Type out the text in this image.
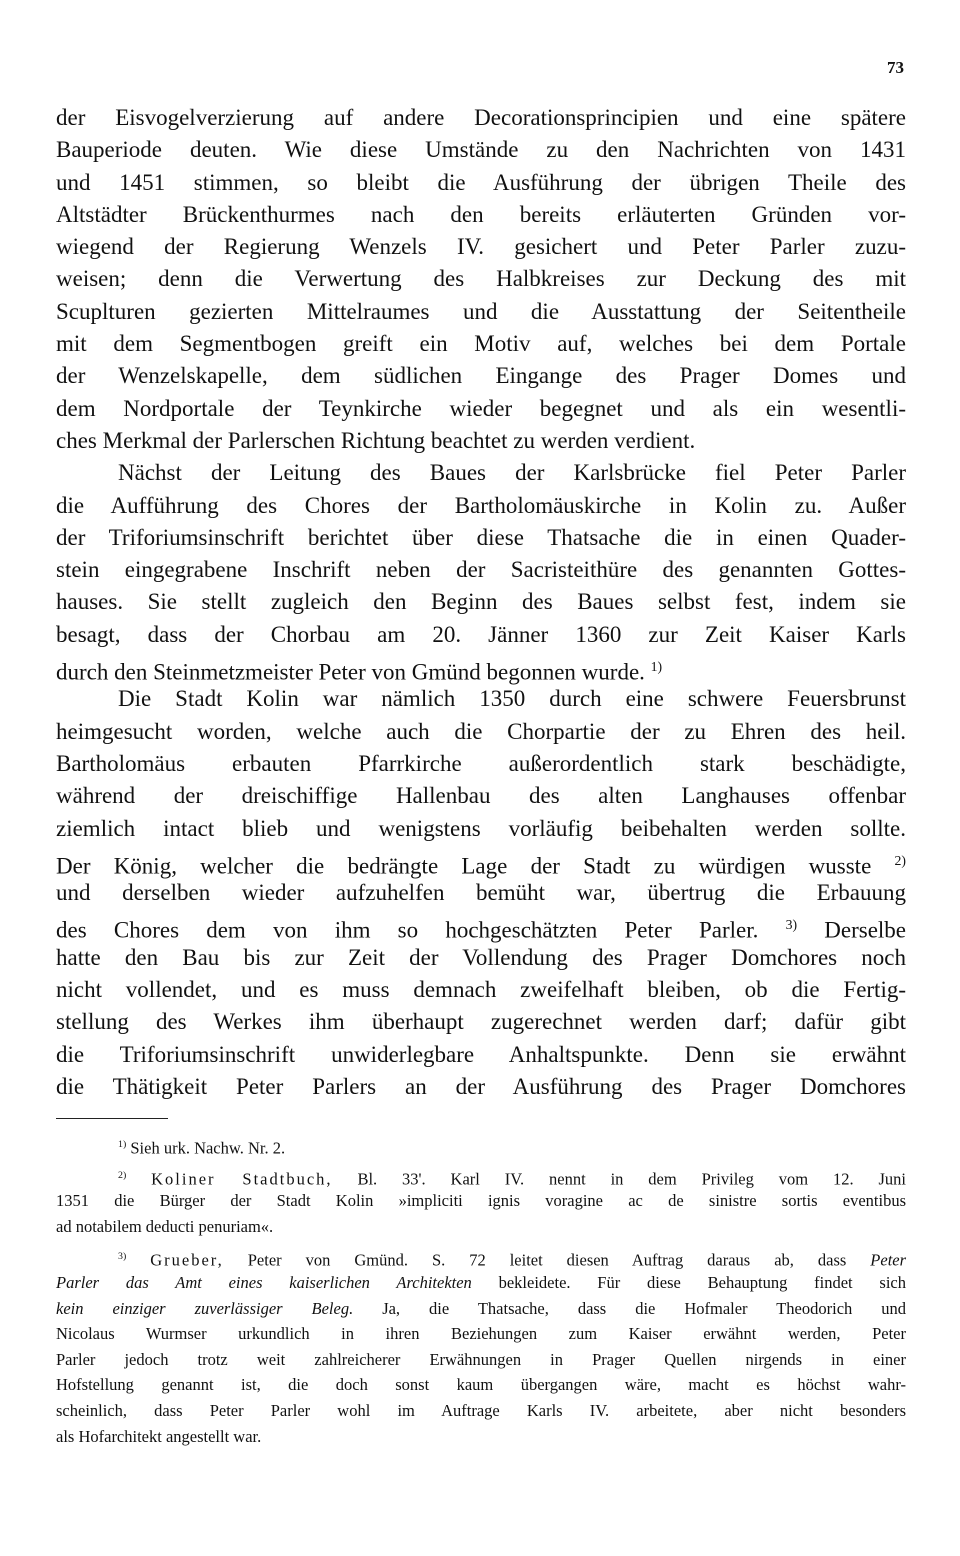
73
der Eisvogelverzierung auf andere Decorationsprincipien und eine spätere
Bauperiode deuten. Wie diese Umstände zu den Nachrichten von 1431
und 1451 stimmen, so bleibt die Ausführung der übrigen Theile des
Altstädter Brückenthurmes nach den bereits erläuterten Gründen vor-
wiegend der Regierung Wenzels IV. gesichert und Peter Parler zuzu-
weisen; denn die Verwertung des Halbkreises zur Deckung des mit
Scuplturen gezierten Mittelraumes und die Ausstattung der Seitentheile
mit dem Segmentbogen greift ein Motiv auf, welches bei dem Portale
der Wenzelskapelle, dem südlichen Eingange des Prager Domes und
dem Nordportale der Teynkirche wieder begegnet und als ein wesentli-
ches Merkmal der Parlerschen Richtung beachtet zu werden verdient.
Nächst der Leitung des Baues der Karlsbrücke fiel Peter Parler
die Aufführung des Chores der Bartholomäuskirche in Kolin zu. Außer
der Triforiumsinschrift berichtet über diese Thatsache die in einen Quader-
stein eingegrabene Inschrift neben der Sacristeithüre des genannten Gottes-
hauses. Sie stellt zugleich den Beginn des Baues selbst fest, indem sie
besagt, dass der Chorbau am 20. Jänner 1360 zur Zeit Kaiser Karls
durch den Steinmetzmeister Peter von Gmünd begonnen wurde. $^{1)}$
Die Stadt Kolin war nämlich 1350 durch eine schwere Feuersbrunst
heimgesucht worden, welche auch die Chorpartie der zu Ehren des heil.
Bartholomäus erbauten Pfarrkirche außerordentlich stark beschädigte,
während der dreischiffige Hallenbau des alten Langhauses offenbar
ziemlich intact blieb und wenigstens vorläufig beibehalten werden sollte.
Der König, welcher die bedrängte Lage der Stadt zu würdigen wusste $^{2)}$
und derselben wieder aufzuhelfen bemüht war, übertrug die Erbauung
des Chores dem von ihm so hochgeschätzten Peter Parler. $^{3)}$ Derselbe
hatte den Bau bis zur Zeit der Vollendung des Prager Domchores noch
nicht vollendet, und es muss demnach zweifelhaft bleiben, ob die Fertig-
stellung des Werkes ihm überhaupt zugerechnet werden darf; dafür gibt
die Triforiumsinschrift unwiderlegbare Anhaltspunkte. Denn sie erwähnt
die Thätigkeit Peter Parlers an der Ausführung des Prager Domchores
$^{1)}$ Sieh urk. Nachw. Nr. 2.
$^{2)}$ Koliner Stadtbuch, Bl. 33'. Karl IV. nennt in dem Privileg vom 12. Juni
1351 die Bürger der Stadt Kolin »impliciti ignis voragine ac de sinistre sortis eventibus
ad notabilem deducti penuriam«.
$^{3)}$ Grueber, Peter von Gmünd. S. 72 leitet diesen Auftrag daraus ab, dass Peter
Parler das Amt eines kaiserlichen Architekten bekleidete. Für diese Behauptung findet sich
kein einziger zuverlässiger Beleg. Ja, die Thatsache, dass die Hofmaler Theodorich und
Nicolaus Wurmser urkundlich in ihren Beziehungen zum Kaiser erwähnt werden, Peter
Parler jedoch trotz weit zahlreicherer Erwähnungen in Prager Quellen nirgends in einer
Hofstellung genannt ist, die doch sonst kaum übergangen wäre, macht es höchst wahr-
scheinlich, dass Peter Parler wohl im Auftrage Karls IV. arbeitete, aber nicht besonders
als Hofarchitekt angestellt war.
